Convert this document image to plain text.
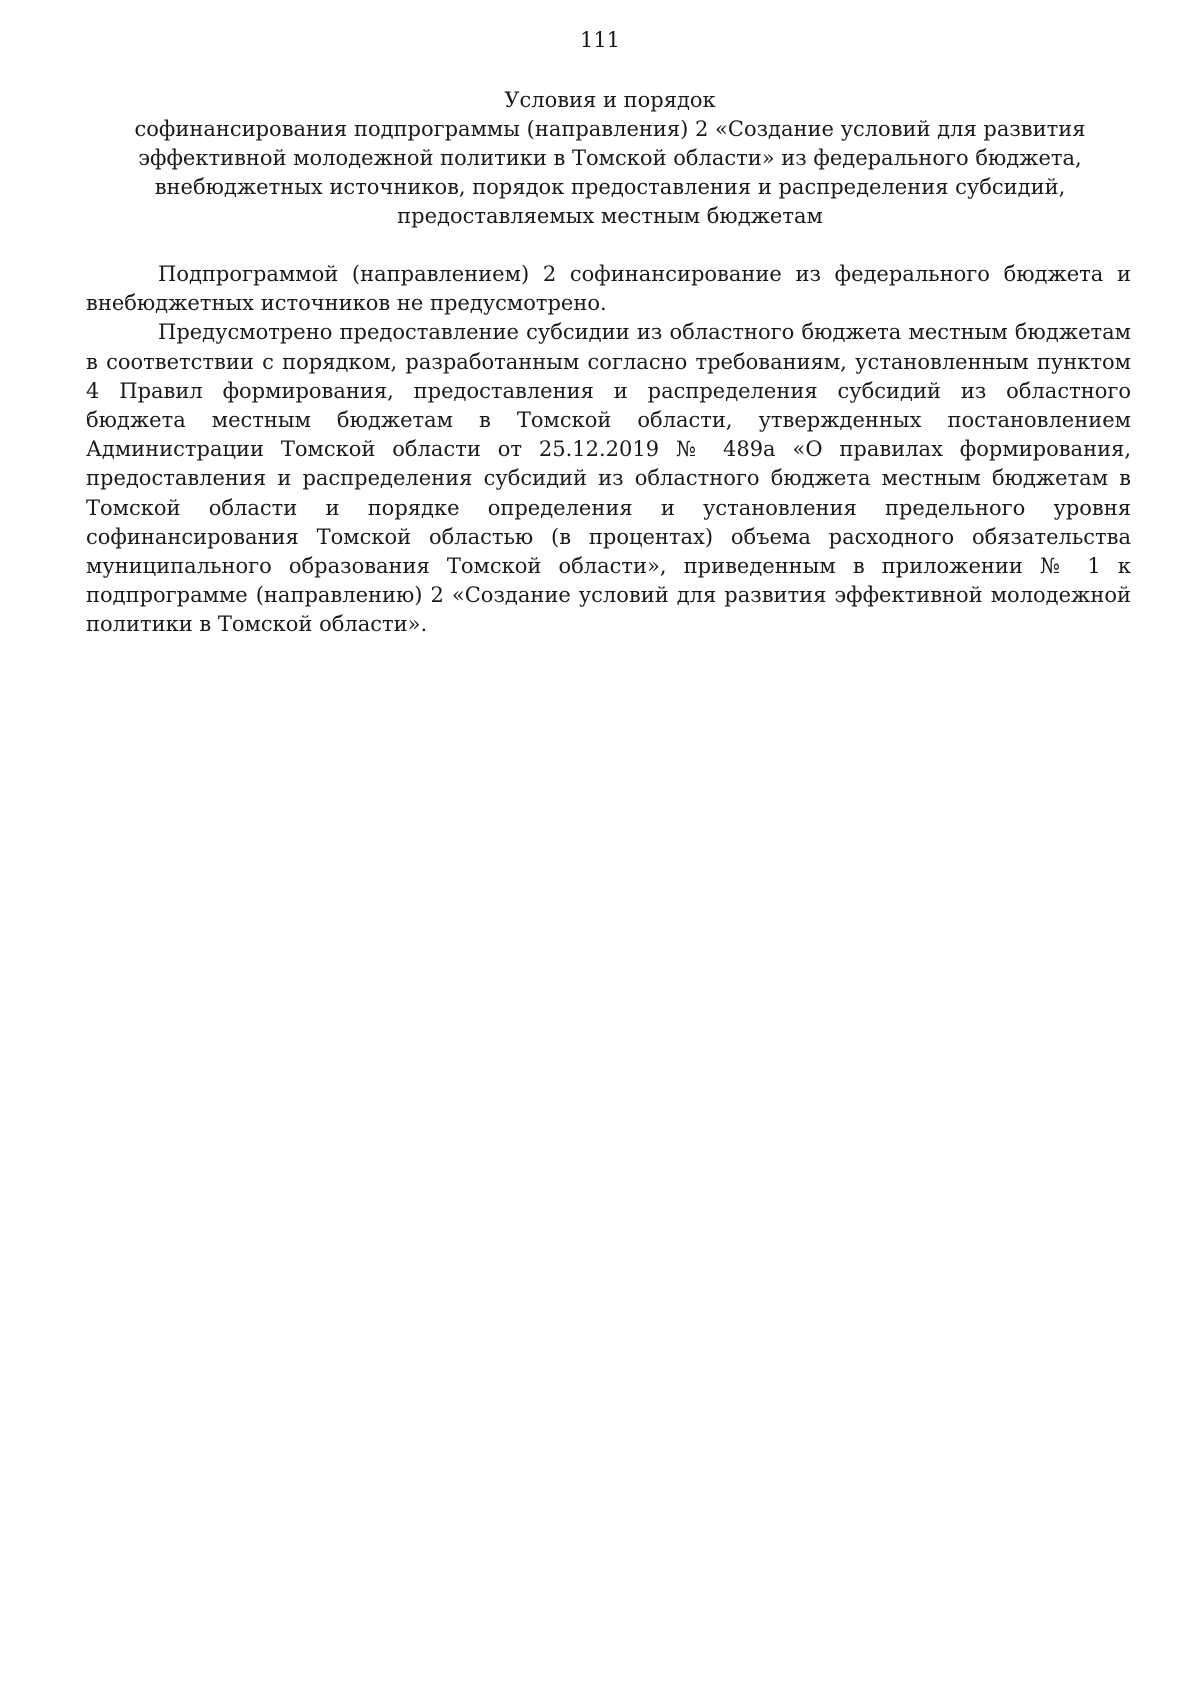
111
Условия и порядок
софинансирования подпрограммы (направления) 2 «Создание условий для развития
эффективной молодежной политики в Томской области» из федерального бюджета,
внебюджетных источников, порядок предоставления и распределения субсидий,
предоставляемых местным бюджетам

Подпрограммой (направлением) 2 софинансирование из федерального бюджета и внебюджетных источников не предусмотрено.

Предусмотрено предоставление субсидии из областного бюджета местным бюджетам в соответствии с порядком, разработанным согласно требованиям, установленным пунктом 4 Правил формирования, предоставления и распределения субсидий из областного бюджета местным бюджетам в Томской области, утвержденных постановлением Администрации Томской области от 25.12.2019 № 489а «О правилах формирования, предоставления и распределения субсидий из областного бюджета местным бюджетам в Томской области и порядке определения и установления предельного уровня софинансирования Томской областью (в процентах) объема расходного обязательства муниципального образования Томской области», приведенным в приложении № 1 к подпрограмме (направлению) 2 «Создание условий для развития эффективной молодежной политики в Томской области».
